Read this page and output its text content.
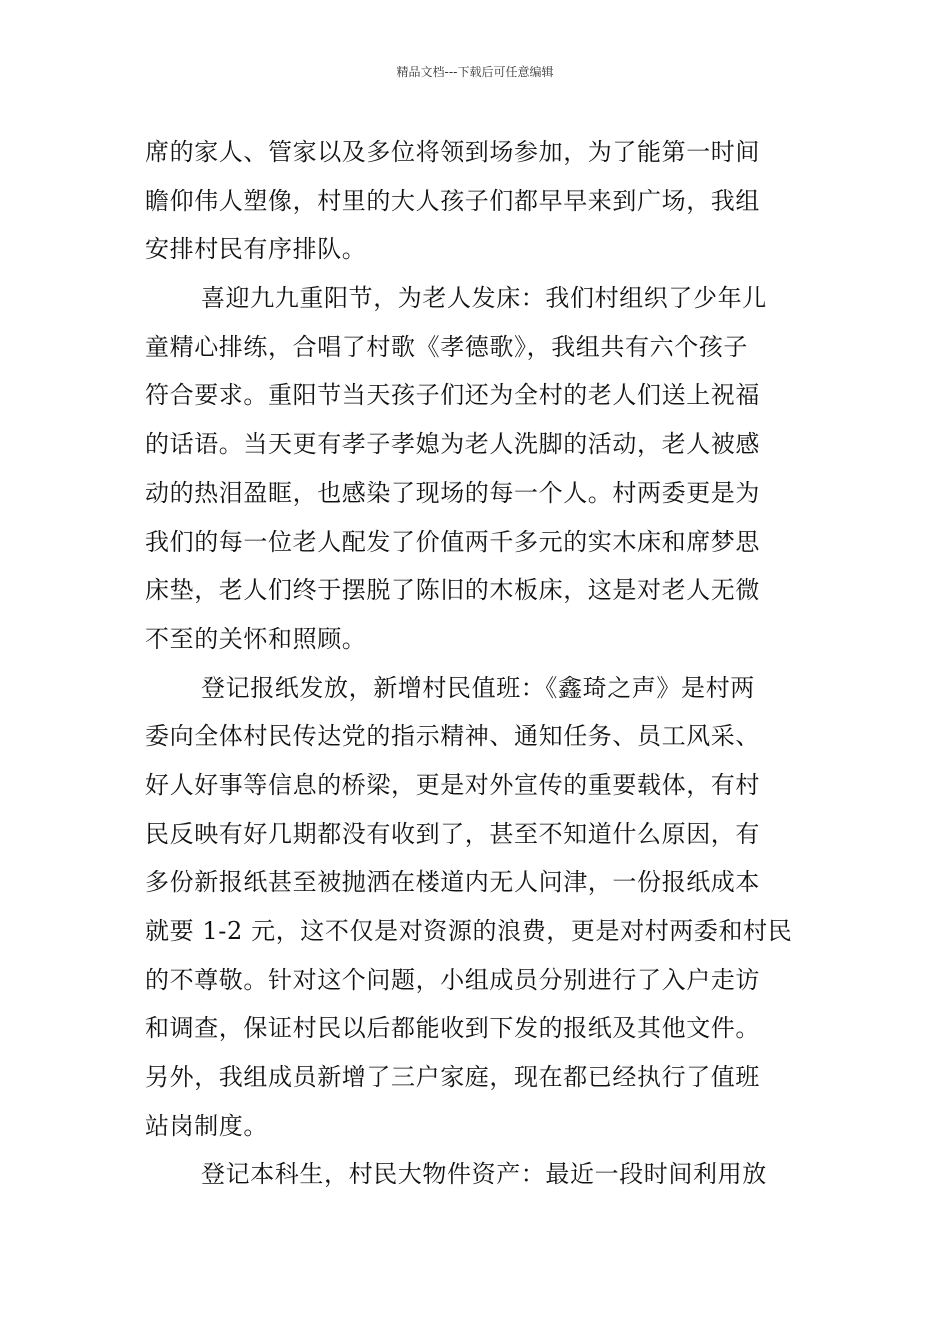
精品文档---下载后可任意编辑
席的家人、管家以及多位将领到场参加，为了能第一时间
瞻仰伟人塑像，村里的大人孩子们都早早来到广场，我组
安排村民有序排队。
喜迎九九重阳节，为老人发床：我们村组织了少年儿
童精心排练，合唱了村歌《孝德歌》，我组共有六个孩子
符合要求。重阳节当天孩子们还为全村的老人们送上祝福
的话语。当天更有孝子孝媳为老人洗脚的活动，老人被感
动的热泪盈眶，也感染了现场的每一个人。村两委更是为
我们的每一位老人配发了价值两千多元的实木床和席梦思
床垫，老人们终于摆脱了陈旧的木板床，这是对老人无微
不至的关怀和照顾。
登记报纸发放，新增村民值班：《鑫琦之声》是村两
委向全体村民传达党的指示精神、通知任务、员工风采、
好人好事等信息的桥梁，更是对外宣传的重要载体，有村
民反映有好几期都没有收到了，甚至不知道什么原因，有
多份新报纸甚至被抛洒在楼道内无人问津，一份报纸成本
就要 1-2 元，这不仅是对资源的浪费，更是对村两委和村民
的不尊敬。针对这个问题，小组成员分别进行了入户走访
和调查，保证村民以后都能收到下发的报纸及其他文件。
另外，我组成员新增了三户家庭，现在都已经执行了值班
站岗制度。
登记本科生，村民大物件资产：最近一段时间利用放
